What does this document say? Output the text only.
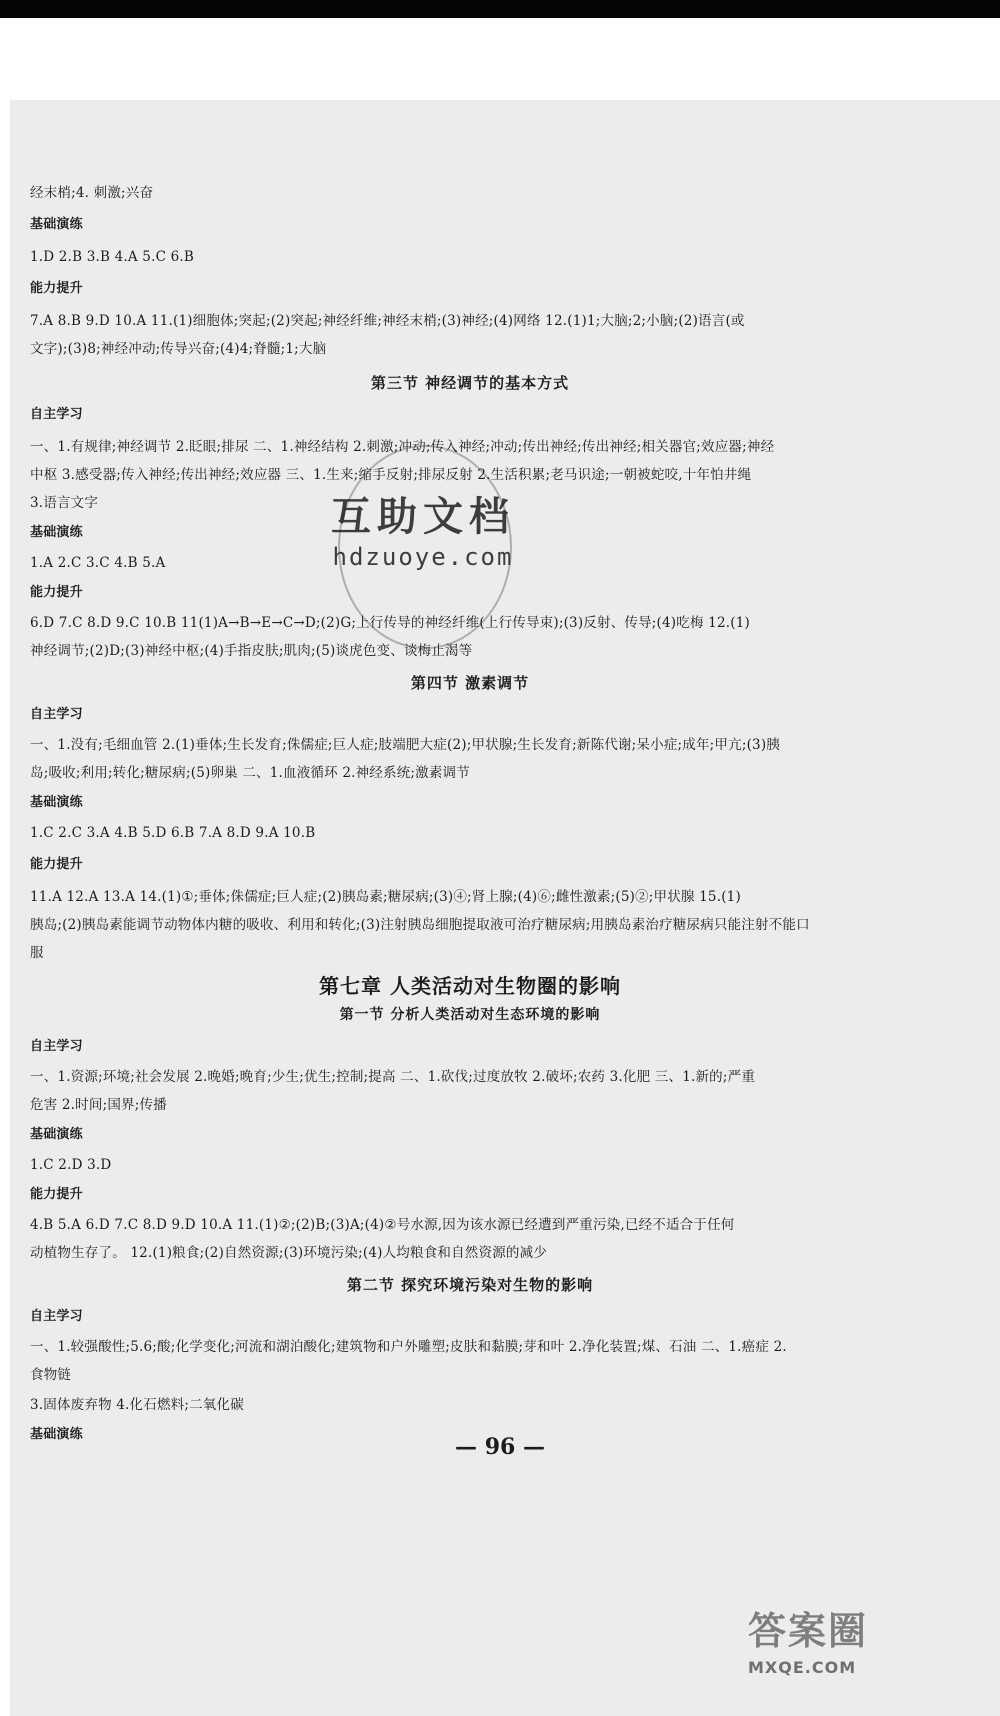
经末梢;4. 刺激;兴奋
基础演练
1.D 2.B 3.B 4.A 5.C 6.B
能力提升
7.A 8.B 9.D 10.A 11.(1)细胞体;突起;(2)突起;神经纤维;神经末梢;(3)神经;(4)网络 12.(1)1;大脑;2;小脑;(2)语言(或
文字);(3)8;神经冲动;传导兴奋;(4)4;脊髓;1;大脑
第三节 神经调节的基本方式
自主学习
一、1.有规律;神经调节 2.眨眼;排尿 二、1.神经结构 2.刺激;冲动;传入神经;冲动;传出神经;传出神经;相关器官;效应器;神经
中枢 3.感受器;传入神经;传出神经;效应器 三、1.生来;缩手反射;排尿反射 2.生活积累;老马识途;一朝被蛇咬,十年怕井绳
3.语言文字
基础演练
1.A 2.C 3.C 4.B 5.A
能力提升
6.D 7.C 8.D 9.C 10.B 11(1)A→B→E→C→D;(2)G;上行传导的神经纤维(上行传导束);(3)反射、传导;(4)吃梅 12.(1)
神经调节;(2)D;(3)神经中枢;(4)手指皮肤;肌肉;(5)谈虎色变、谈梅止渴等
第四节 激素调节
自主学习
一、1.没有;毛细血管 2.(1)垂体;生长发育;侏儒症;巨人症;肢端肥大症(2);甲状腺;生长发育;新陈代谢;呆小症;成年;甲亢;(3)胰
岛;吸收;利用;转化;糖尿病;(5)卵巢 二、1.血液循环 2.神经系统;激素调节
基础演练
1.C 2.C 3.A 4.B 5.D 6.B 7.A 8.D 9.A 10.B
能力提升
11.A 12.A 13.A 14.(1)①;垂体;侏儒症;巨人症;(2)胰岛素;糖尿病;(3)④;肾上腺;(4)⑥;雌性激素;(5)②;甲状腺 15.(1)
胰岛;(2)胰岛素能调节动物体内糖的吸收、利用和转化;(3)注射胰岛细胞提取液可治疗糖尿病;用胰岛素治疗糖尿病只能注射不能口
服
第七章 人类活动对生物圈的影响
第一节 分析人类活动对生态环境的影响
自主学习
一、1.资源;环境;社会发展 2.晚婚;晚育;少生;优生;控制;提高 二、1.砍伐;过度放牧 2.破坏;农药 3.化肥 三、1.新的;严重
危害 2.时间;国界;传播
基础演练
1.C 2.D 3.D
能力提升
4.B 5.A 6.D 7.C 8.D 9.D 10.A 11.(1)②;(2)B;(3)A;(4)②号水源,因为该水源已经遭到严重污染,已经不适合于任何
动植物生存了。 12.(1)粮食;(2)自然资源;(3)环境污染;(4)人均粮食和自然资源的减少
第二节 探究环境污染对生物的影响
自主学习
一、1.较强酸性;5.6;酸;化学变化;河流和湖泊酸化;建筑物和户外雕塑;皮肤和黏膜;芽和叶 2.净化装置;煤、石油 二、1.癌症 2.
食物链
3.固体废弃物 4.化石燃料;二氧化碳
基础演练
互助文档
hdzuoye.com
— 96 —
答案圈
MXQE.COM
